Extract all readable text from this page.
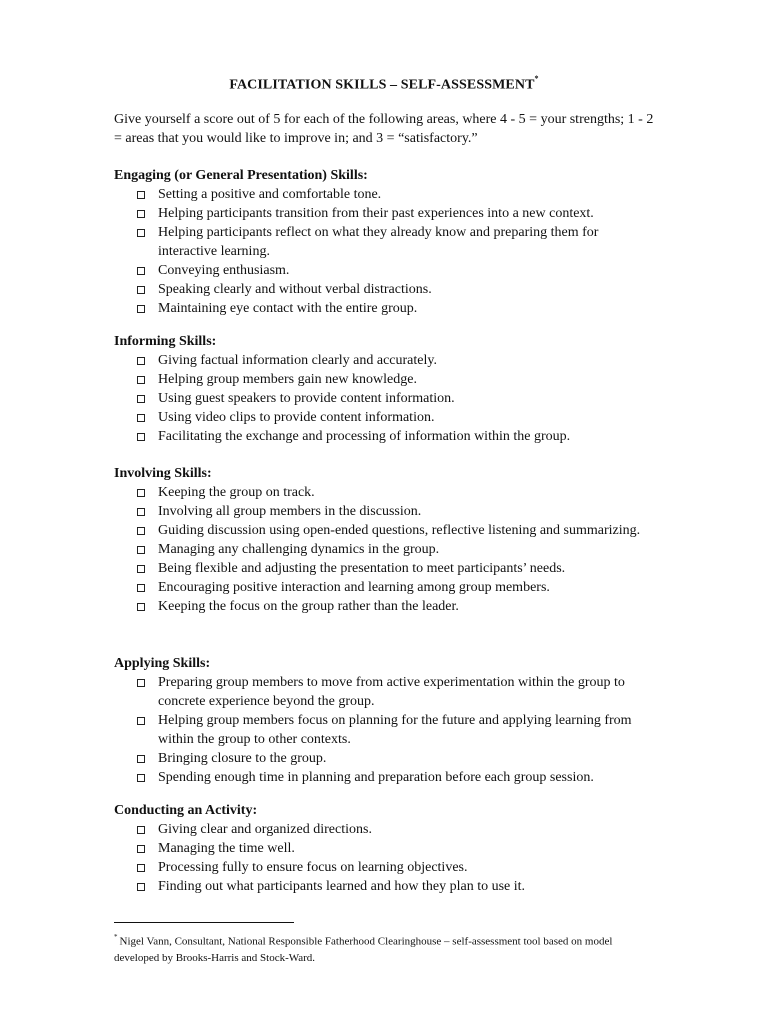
FACILITATION SKILLS – SELF-ASSESSMENT*

Give yourself a score out of 5 for each of the following areas, where 4 - 5 = your strengths; 1 - 2 = areas that you would like to improve in; and 3 = “satisfactory.”

Engaging (or General Presentation) Skills:

Setting a positive and comfortable tone.
Helping participants transition from their past experiences into a new context.
Helping participants reflect on what they already know and preparing them for interactive learning.
Conveying enthusiasm.
Speaking clearly and without verbal distractions.
Maintaining eye contact with the entire group.

Informing Skills:

Giving factual information clearly and accurately.
Helping group members gain new knowledge.
Using guest speakers to provide content information.
Using video clips to provide content information.
Facilitating the exchange and processing of information within the group.

Involving Skills:

Keeping the group on track.
Involving all group members in the discussion.
Guiding discussion using open-ended questions, reflective listening and summarizing.
Managing any challenging dynamics in the group.
Being flexible and adjusting the presentation to meet participants’ needs.
Encouraging positive interaction and learning among group members.
Keeping the focus on the group rather than the leader.

Applying Skills:

Preparing group members to move from active experimentation within the group to concrete experience beyond the group.
Helping group members focus on planning for the future and applying learning from within the group to other contexts.
Bringing closure to the group.
Spending enough time in planning and preparation before each group session.

Conducting an Activity:

Giving clear and organized directions.
Managing the time well.
Processing fully to ensure focus on learning objectives.
Finding out what participants learned and how they plan to use it.
* Nigel Vann, Consultant, National Responsible Fatherhood Clearinghouse – self-assessment tool based on model developed by Brooks-Harris and Stock-Ward.
